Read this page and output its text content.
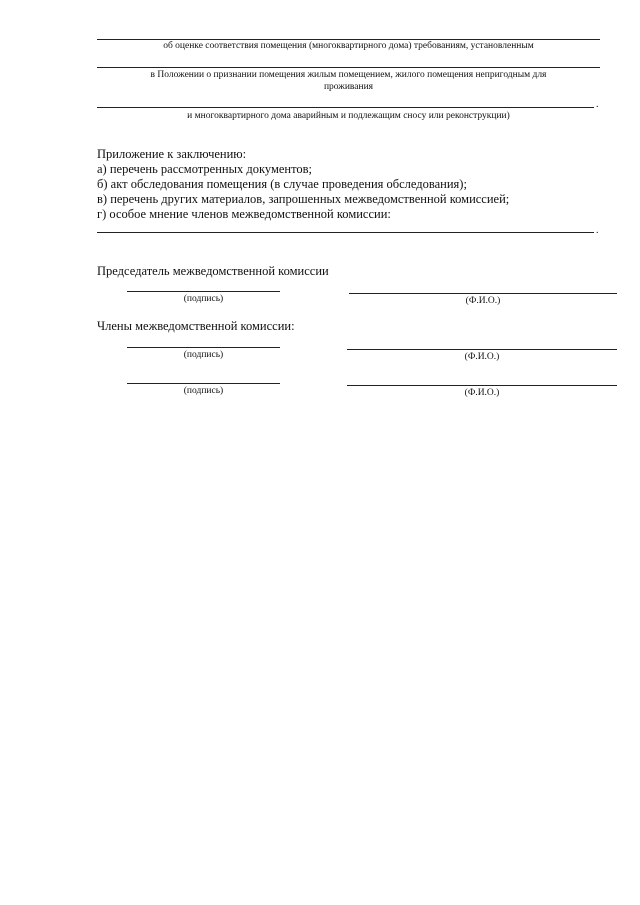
об оценке соответствия помещения (многоквартирного дома) требованиям, установленным
в Положении о признании помещения жилым помещением, жилого помещения непригодным для
проживания
.
и многоквартирного дома аварийным и подлежащим сносу или реконструкции)
Приложение к заключению:
а) перечень рассмотренных документов;
б) акт обследования помещения (в случае проведения обследования);
в) перечень других материалов, запрошенных межведомственной комиссией;
г) особое мнение членов межведомственной комиссии:
.
Председатель межведомственной комиссии
(подпись)	(Ф.И.О.)
Члены межведомственной комиссии:
(подпись)	(Ф.И.О.)
(подпись)	(Ф.И.О.)
